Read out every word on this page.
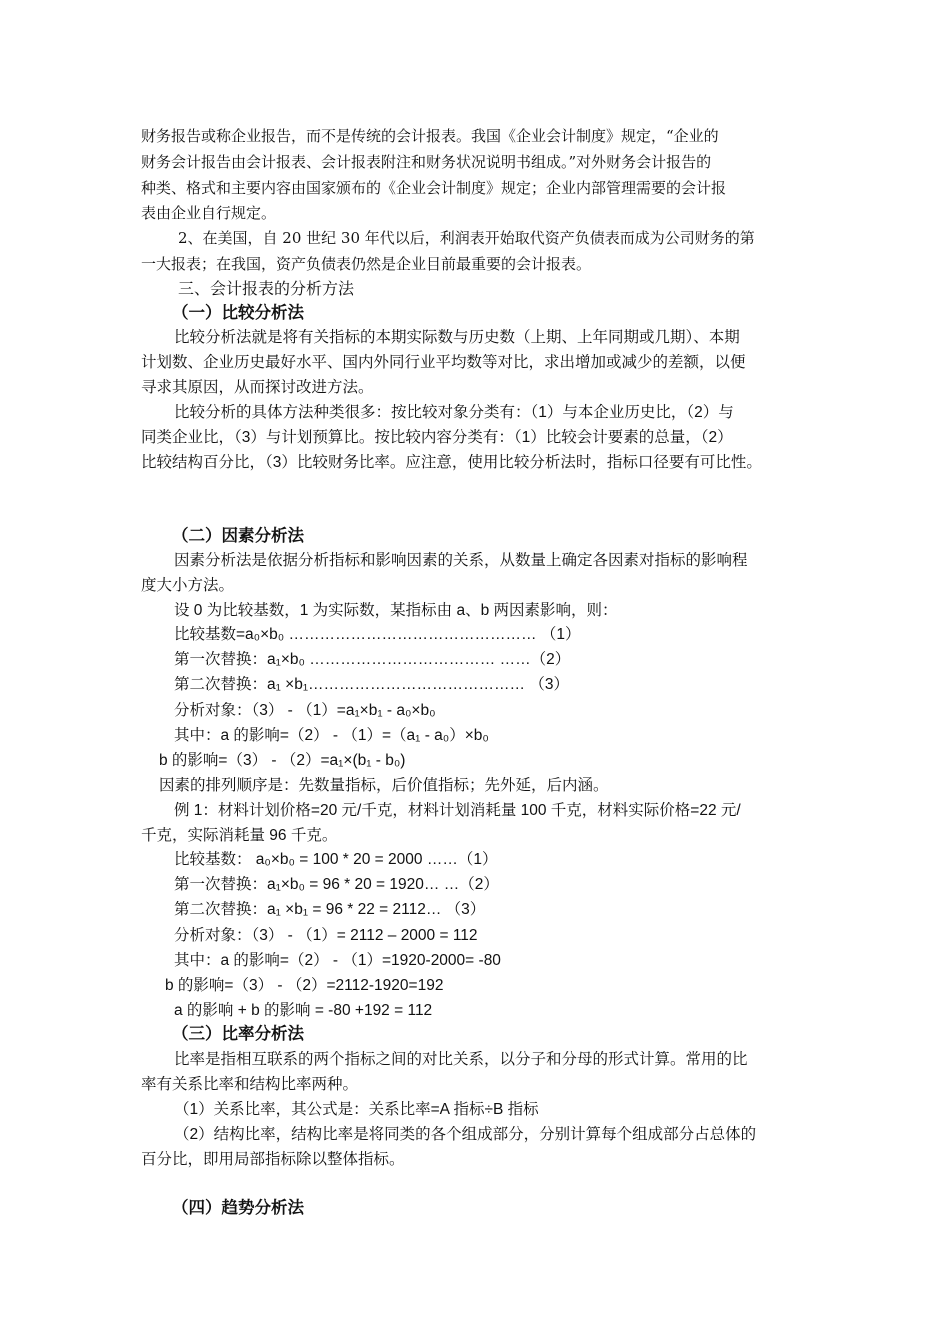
财务报告或称企业报告，而不是传统的会计报表。我国《企业会计制度》规定，“企业的
财务会计报告由会计报表、会计报表附注和财务状况说明书组成。”对外财务会计报告的
种类、格式和主要内容由国家颁布的《企业会计制度》规定；企业内部管理需要的会计报
表由企业自行规定。
2、在美国，自 20 世纪 30 年代以后，利润表开始取代资产负债表而成为公司财务的第
一大报表；在我国，资产负债表仍然是企业目前最重要的会计报表。
三、会计报表的分析方法
（一）比较分析法
比较分析法就是将有关指标的本期实际数与历史数（上期、上年同期或几期）、本期
计划数、企业历史最好水平、国内外同行业平均数等对比，求出增加或减少的差额，以便
寻求其原因，从而探讨改进方法。
比较分析的具体方法种类很多：按比较对象分类有：（1）与本企业历史比，（2）与
同类企业比，（3）与计划预算比。按比较内容分类有：（1）比较会计要素的总量，（2）
比较结构百分比，（3）比较财务比率。应注意，使用比较分析法时，指标口径要有可比性。
（二）因素分析法
因素分析法是依据分析指标和影响因素的关系，从数量上确定各因素对指标的影响程
度大小方法。
设 0 为比较基数，1 为实际数，某指标由 a、b 两因素影响，则：
比较基数=a₀×b₀ ………………………………………… （1）
第一次替换：a₁×b₀ ……………………………… ……（2）
第二次替换：a₁ ×b₁…………………………………… （3）
分析对象：（3） - （1）=a₁×b₁ - a₀×b₀
其中：a 的影响=（2） - （1）=（a₁ - a₀）×b₀
b 的影响=（3） - （2）=a₁×(b₁ - b₀)
因素的排列顺序是：先数量指标，后价值指标；先外延，后内涵。
例 1：材料计划价格=20 元/千克，材料计划消耗量 100 千克，材料实际价格=22 元/
千克，实际消耗量 96 千克。
比较基数： a₀×b₀ = 100 * 20 = 2000 ……（1）
第一次替换：a₁×b₀ = 96 * 20 = 1920… …（2）
第二次替换：a₁ ×b₁ = 96 * 22 = 2112… （3）
分析对象：（3） - （1）= 2112 – 2000 = 112
其中：a 的影响=（2） - （1）=1920-2000= -80
b 的影响=（3） - （2）=2112-1920=192
a 的影响 + b 的影响 = -80 +192 = 112
（三）比率分析法
比率是指相互联系的两个指标之间的对比关系，以分子和分母的形式计算。常用的比
率有关系比率和结构比率两种。
（1）关系比率，其公式是：关系比率=A 指标÷B 指标
（2）结构比率，结构比率是将同类的各个组成部分，分别计算每个组成部分占总体的
百分比，即用局部指标除以整体指标。
（四）趋势分析法
